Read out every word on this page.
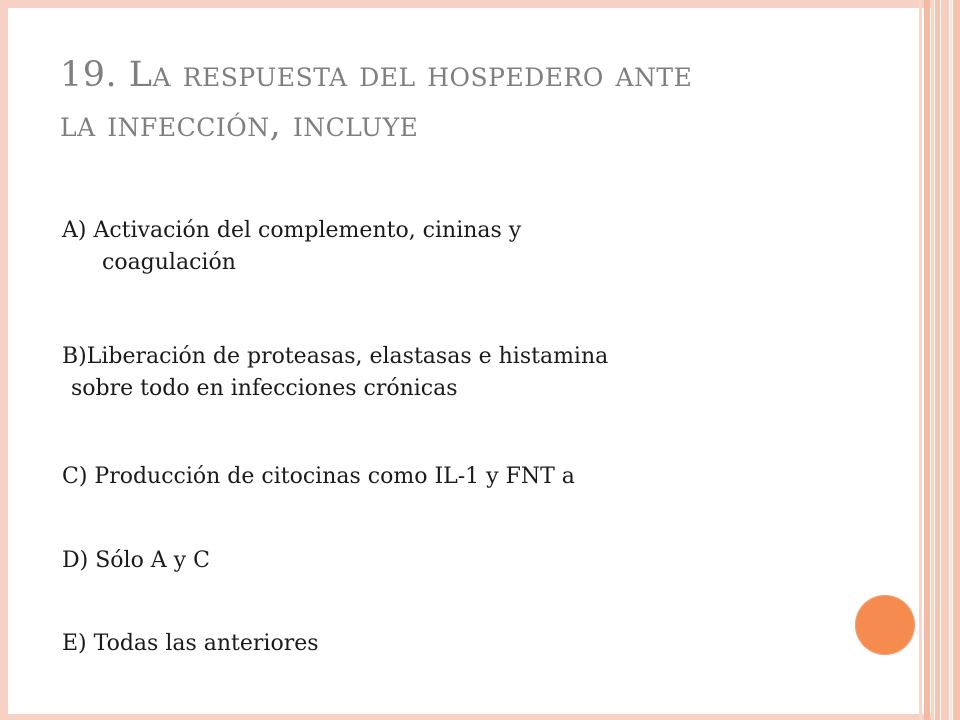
19. La respuesta del hospedero ante
la infección, incluye
A) Activación del complemento, cininas y
coagulación
B)Liberación de proteasas, elastasas e histamina
sobre todo en infecciones crónicas
C) Producción de citocinas como IL-1 y FNT a
D) Sólo A y C
E) Todas las anteriores
